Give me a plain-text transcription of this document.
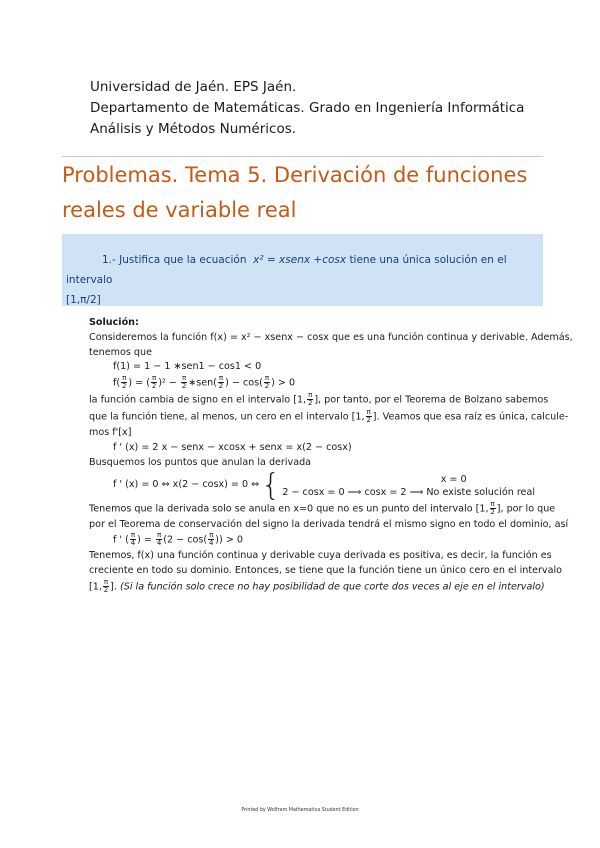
Universidad de Jaén. EPS Jaén.
Departamento de Matemáticas. Grado en Ingeniería Informática
Análisis y Métodos Numéricos.
Problemas. Tema 5. Derivación de funciones reales de variable real
1.- Justifica que la ecuación x² = xsenx +cosx tiene una única solución en el intervalo
[1,π/2]
Solución:
Consideremos la función f(x) = x² − xsenx − cosx que es una función continua y derivable. Además,
tenemos que
f(1) = 1 − 1 ∗sen1 − cos1 < 0
$f( \frac{\pi}{2}$ ) = ( $\frac{\pi}{2} )^2 - \frac{\pi}{2}$ ∗sen( $\frac{\pi}{2}$ ) − $\cos( \frac{\pi}{2}$ ) > 0
la función cambia de signo en el intervalo [1, $\frac{\pi}{2}$ ], por tanto, por el Teorema de Bolzano sabemos
que la función tiene, al menos, un cero en el intervalo [1, $\frac{\pi}{2}$ ]. Veamos que esa raíz es única, calcule-
mos f'[x]
f ' (x) = 2 x − senx − xcosx + senx = x(2 − cosx)
Busquemos los puntos que anulan la derivada
f ' (x) = 0 ⇔ x(2 − cosx) = 0 ⇔ {	x = 0
2 − cosx = 0 ⟹ cosx = 2 ⟹ No existe solución real
Tenemos que la derivada solo se anula en x=0 que no es un punto del intervalo [1, $\frac{\pi}{2}$ ], por lo que
por el Teorema de conservación del signo la derivada tendrá el mismo signo en todo el dominio, así
f ' ( $\frac{\pi}{4}$ ) = $\frac{\pi}{4} (2 - \cos( \frac{\pi}{4}$ )) > 0
Tenemos, f(x) una función continua y derivable cuya derivada es positiva, es decir, la función es
creciente en todo su dominio. Entonces, se tiene que la función tiene un único cero en el intervalo
[1, $\frac{\pi}{2}$ ]. (Si la función solo crece no hay posibilidad de que corte dos veces al eje en el intervalo)
Printed by Wolfram Mathematica Student Edition
